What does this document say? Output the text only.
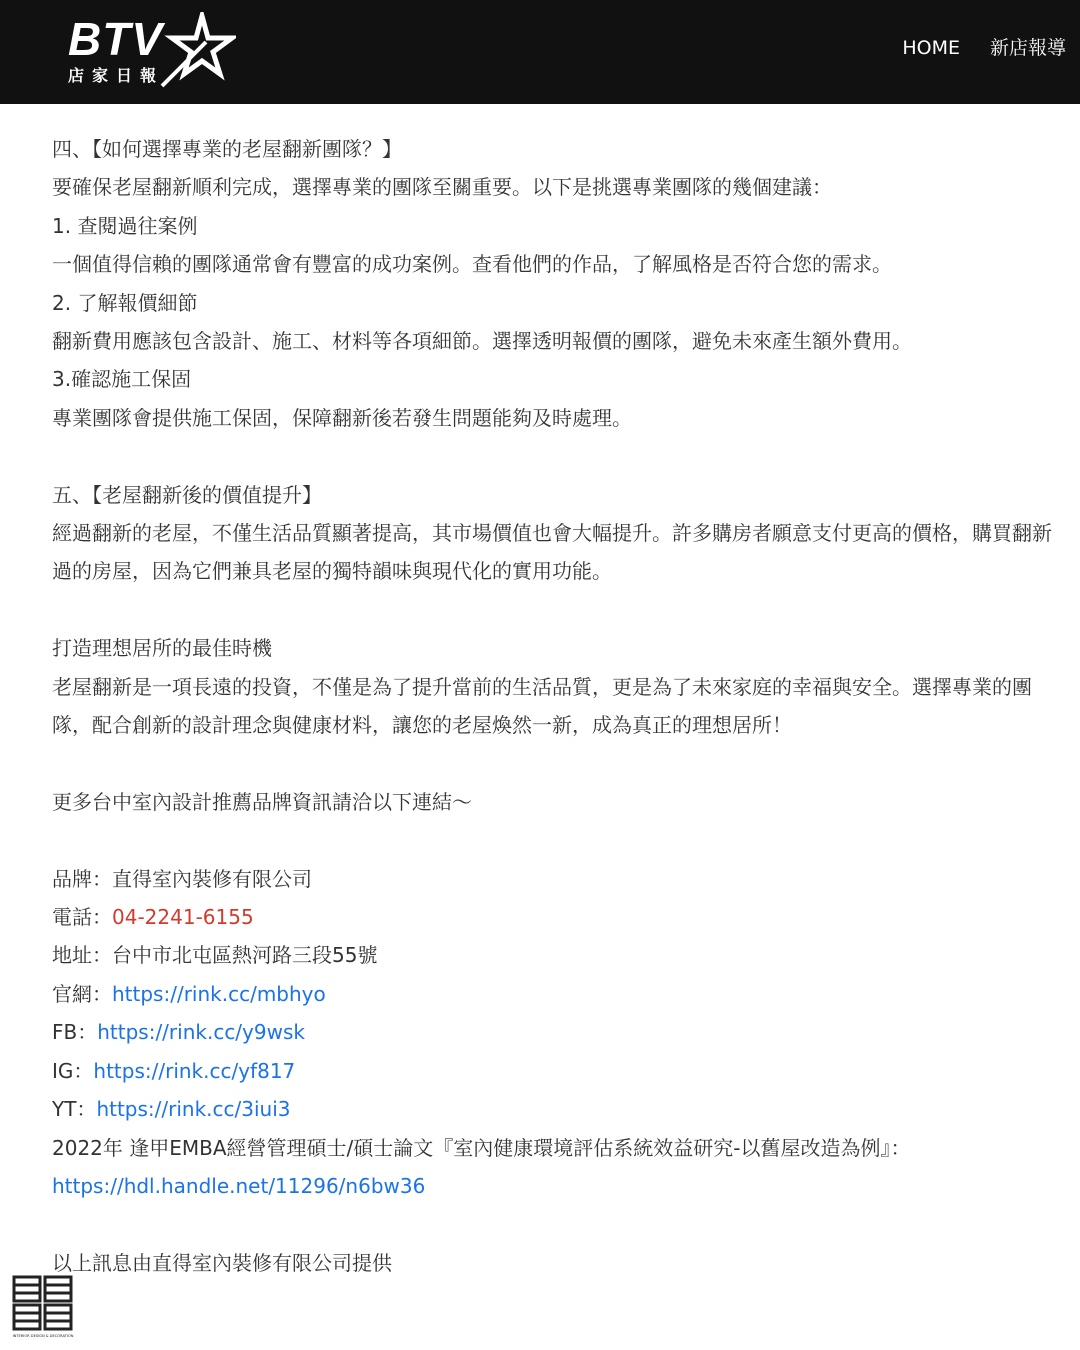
BTV
店家日報
HOME 新店報導

四、【如何選擇專業的老屋翻新團隊？】

要確保老屋翻新順利完成，選擇專業的團隊至關重要。以下是挑選專業團隊的幾個建議：

1. 查閱過往案例

一個值得信賴的團隊通常會有豐富的成功案例。查看他們的作品，了解風格是否符合您的需求。

2. 了解報價細節

翻新費用應該包含設計、施工、材料等各項細節。選擇透明報價的團隊，避免未來產生額外費用。

3.確認施工保固

專業團隊會提供施工保固，保障翻新後若發生問題能夠及時處理。

五、【老屋翻新後的價值提升】

經過翻新的老屋，不僅生活品質顯著提高，其市場價值也會大幅提升。許多購房者願意支付更高的價格，購買翻新過的房屋，因為它們兼具老屋的獨特韻味與現代化的實用功能。

打造理想居所的最佳時機

老屋翻新是一項長遠的投資，不僅是為了提升當前的生活品質，更是為了未來家庭的幸福與安全。選擇專業的團隊，配合創新的設計理念與健康材料，讓您的老屋煥然一新，成為真正的理想居所！

更多台中室內設計推薦品牌資訊請洽以下連結～

品牌：直得室內裝修有限公司

電話：04-2241-6155

地址：台中市北屯區熱河路三段55號

官網：https://rink.cc/mbhyo

FB：https://rink.cc/y9wsk

IG：https://rink.cc/yf817

YT：https://rink.cc/3iui3

2022年 逢甲EMBA經營管理碩士/碩士論文『室內健康環境評估系統效益研究-以舊屋改造為例』：

https://hdl.handle.net/11296/n6bw36

以上訊息由直得室內裝修有限公司提供

INTERIOR DESIGN & DECORATION
